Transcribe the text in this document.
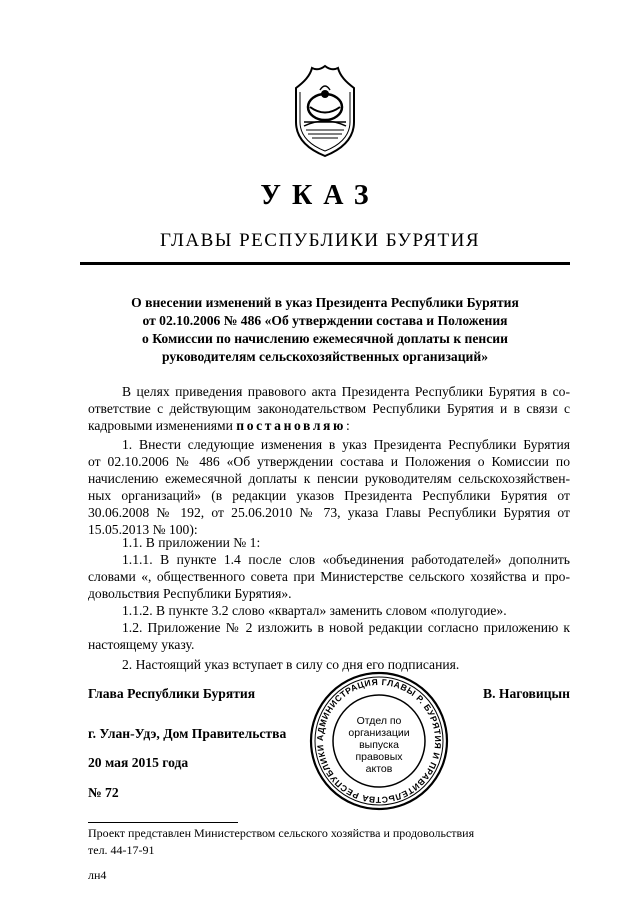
УКАЗ
ГЛАВЫ РЕСПУБЛИКИ БУРЯТИЯ
О внесении изменений в указ Президента Республики Бурятия
от 02.10.2006 № 486 «Об утверждении состава и Положения
о Комиссии по начислению ежемесячной доплаты к пенсии
руководителям сельскохозяйственных организаций»
В целях приведения правового акта Президента Республики Бурятия в со-
ответствие с действующим законодательством Республики Бурятия и в связи с
кадровыми изменениями постановляю:
1. Внести следующие изменения в указ Президента Республики Бурятия
от 02.10.2006 № 486 «Об утверждении состава и Положения о Комиссии по
начислению ежемесячной доплаты к пенсии руководителям сельскохозяйствен-
ных организаций» (в редакции указов Президента Республики Бурятия от
30.06.2008 № 192, от 25.06.2010 № 73, указа Главы Республики Бурятия от
15.05.2013 № 100):
1.1. В приложении № 1:
1.1.1. В пункте 1.4 после слов «объединения работодателей» дополнить
словами «, общественного совета при Министерстве сельского хозяйства и про-
довольствия Республики Бурятия».
1.1.2. В пункте 3.2 слово «квартал» заменить словом «полугодие».
1.2. Приложение № 2 изложить в новой редакции согласно приложению к
настоящему указу.
2. Настоящий указ вступает в силу со дня его подписания.
Глава Республики Бурятия	В. Наговицын
г. Улан-Удэ, Дом Правительства
20 мая 2015 года
№ 72
АДМИНИСТРАЦИЯ ГЛАВЫ Р. БУРЯТИЯ И ПРАВИТЕЛЬСТВА РЕСПУБЛИКИ
Отдел по
организации
выпуска
правовых
актов
Проект представлен Министерством сельского хозяйства и продовольствия
тел. 44-17-91
лн4
